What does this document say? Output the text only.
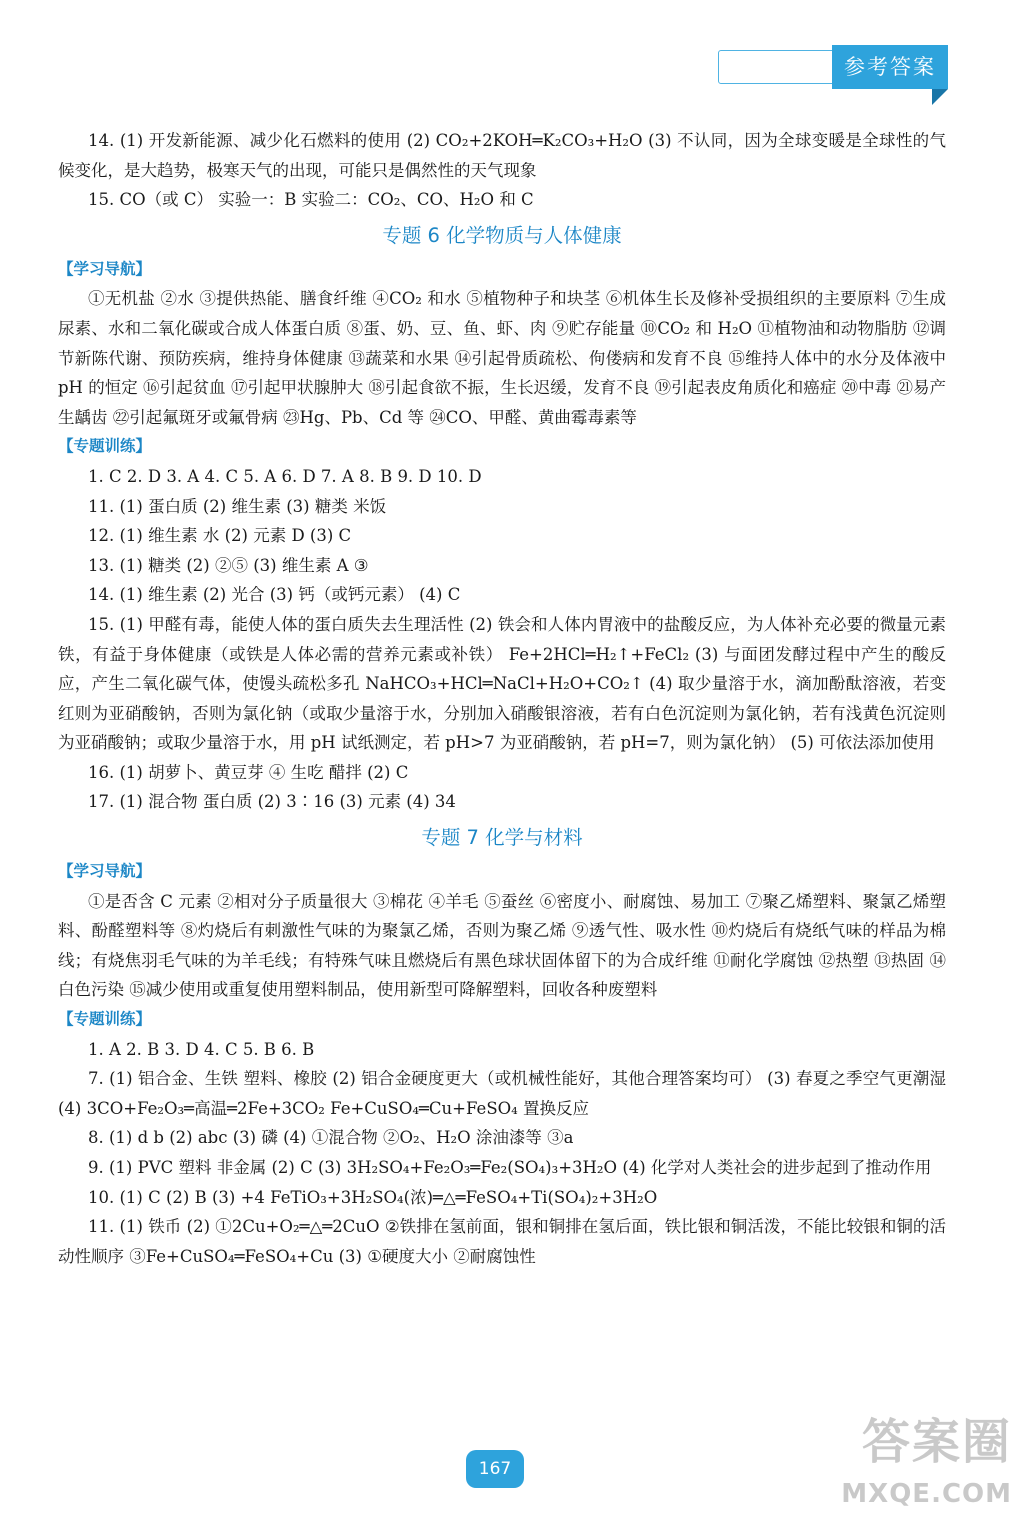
参考答案

14. (1) 开发新能源、减少化石燃料的使用 (2) CO₂+2KOH═K₂CO₃+H₂O (3) 不认同，因为全球变暖是全球性的气候变化，是大趋势，极寒天气的出现，可能只是偶然性的天气现象

15. CO（或 C） 实验一：B 实验二：CO₂、CO、H₂O 和 C

专题 6 化学物质与人体健康

【学习导航】

①无机盐 ②水 ③提供热能、膳食纤维 ④CO₂ 和水 ⑤植物种子和块茎 ⑥机体生长及修补受损组织的主要原料 ⑦生成尿素、水和二氧化碳或合成人体蛋白质 ⑧蛋、奶、豆、鱼、虾、肉 ⑨贮存能量 ⑩CO₂ 和 H₂O ⑪植物油和动物脂肪 ⑫调节新陈代谢、预防疾病，维持身体健康 ⑬蔬菜和水果 ⑭引起骨质疏松、佝偻病和发育不良 ⑮维持人体中的水分及体液中 pH 的恒定 ⑯引起贫血 ⑰引起甲状腺肿大 ⑱引起食欲不振，生长迟缓，发育不良 ⑲引起表皮角质化和癌症 ⑳中毒 ㉑易产生龋齿 ㉒引起氟斑牙或氟骨病 ㉓Hg、Pb、Cd 等 ㉔CO、甲醛、黄曲霉毒素等

【专题训练】

1. C 2. D 3. A 4. C 5. A 6. D 7. A 8. B 9. D 10. D

11. (1) 蛋白质 (2) 维生素 (3) 糖类 米饭

12. (1) 维生素 水 (2) 元素 D (3) C

13. (1) 糖类 (2) ②⑤ (3) 维生素 A ③

14. (1) 维生素 (2) 光合 (3) 钙（或钙元素） (4) C

15. (1) 甲醛有毒，能使人体的蛋白质失去生理活性 (2) 铁会和人体内胃液中的盐酸反应，为人体补充必要的微量元素铁，有益于身体健康（或铁是人体必需的营养元素或补铁） Fe+2HCl═H₂↑+FeCl₂ (3) 与面团发酵过程中产生的酸反应，产生二氧化碳气体，使馒头疏松多孔 NaHCO₃+HCl═NaCl+H₂O+CO₂↑ (4) 取少量溶于水，滴加酚酞溶液，若变红则为亚硝酸钠，否则为氯化钠（或取少量溶于水，分别加入硝酸银溶液，若有白色沉淀则为氯化钠，若有浅黄色沉淀则为亚硝酸钠；或取少量溶于水，用 pH 试纸测定，若 pH>7 为亚硝酸钠，若 pH=7，则为氯化钠） (5) 可依法添加使用

16. (1) 胡萝卜、黄豆芽 ④ 生吃 醋拌 (2) C

17. (1) 混合物 蛋白质 (2) 3∶16 (3) 元素 (4) 34

专题 7 化学与材料

【学习导航】

①是否含 C 元素 ②相对分子质量很大 ③棉花 ④羊毛 ⑤蚕丝 ⑥密度小、耐腐蚀、易加工 ⑦聚乙烯塑料、聚氯乙烯塑料、酚醛塑料等 ⑧灼烧后有刺激性气味的为聚氯乙烯，否则为聚乙烯 ⑨透气性、吸水性 ⑩灼烧后有烧纸气味的样品为棉线；有烧焦羽毛气味的为羊毛线；有特殊气味且燃烧后有黑色球状固体留下的为合成纤维 ⑪耐化学腐蚀 ⑫热塑 ⑬热固 ⑭白色污染 ⑮减少使用或重复使用塑料制品，使用新型可降解塑料，回收各种废塑料

【专题训练】

1. A 2. B 3. D 4. C 5. B 6. B

7. (1) 铝合金、生铁 塑料、橡胶 (2) 铝合金硬度更大（或机械性能好，其他合理答案均可） (3) 春夏之季空气更潮湿 (4) 3CO+Fe₂O₃═高温═2Fe+3CO₂ Fe+CuSO₄═Cu+FeSO₄ 置换反应

8. (1) d b (2) abc (3) 磷 (4) ①混合物 ②O₂、H₂O 涂油漆等 ③a

9. (1) PVC 塑料 非金属 (2) C (3) 3H₂SO₄+Fe₂O₃═Fe₂(SO₄)₃+3H₂O (4) 化学对人类社会的进步起到了推动作用

10. (1) C (2) B (3) +4 FeTiO₃+3H₂SO₄(浓)═△═FeSO₄+Ti(SO₄)₂+3H₂O

11. (1) 铁币 (2) ①2Cu+O₂═△═2CuO ②铁排在氢前面，银和铜排在氢后面，铁比银和铜活泼，不能比较银和铜的活动性顺序 ③Fe+CuSO₄═FeSO₄+Cu (3) ①硬度大小 ②耐腐蚀性

167	答案圈
MXQE.COM
